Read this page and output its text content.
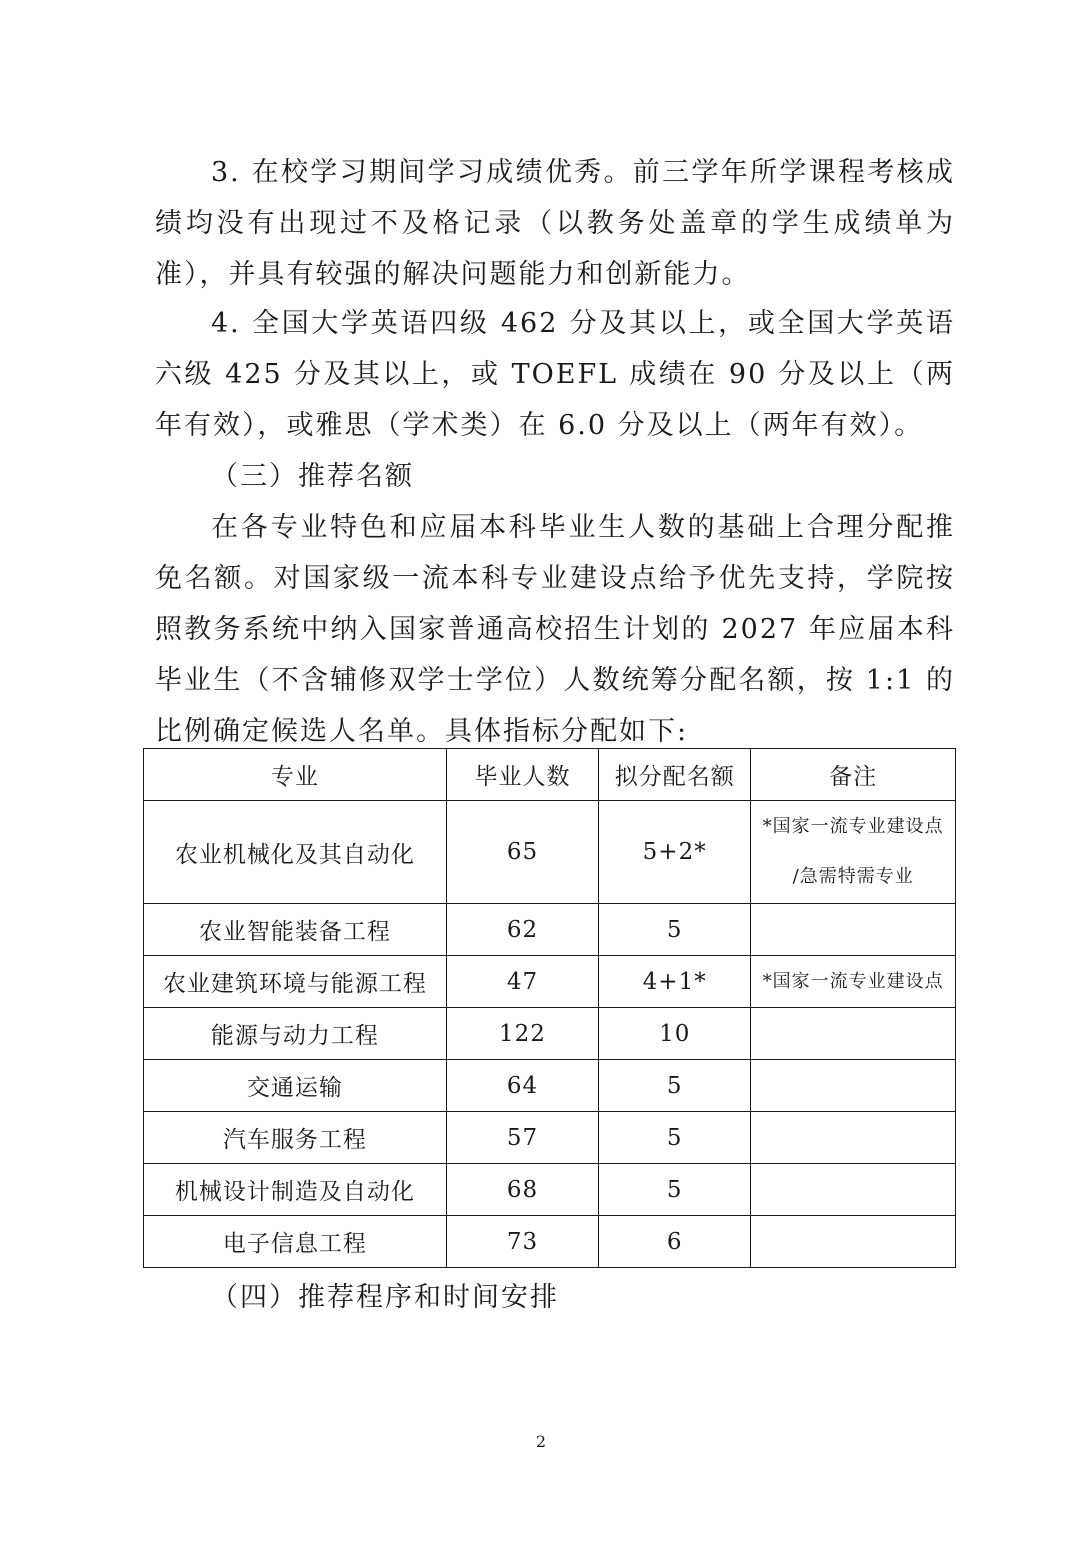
3. 在校学习期间学习成绩优秀。前三学年所学课程考核成绩均没有出现过不及格记录（以教务处盖章的学生成绩单为准），并具有较强的解决问题能力和创新能力。

4. 全国大学英语四级 462 分及其以上，或全国大学英语六级 425 分及其以上，或 TOEFL 成绩在 90 分及以上（两年有效），或雅思（学术类）在 6.0 分及以上（两年有效）。

（三）推荐名额

在各专业特色和应届本科毕业生人数的基础上合理分配推免名额。对国家级一流本科专业建设点给予优先支持，学院按照教务系统中纳入国家普通高校招生计划的 2027 年应届本科毕业生（不含辅修双学士学位）人数统筹分配名额，按 1:1 的比例确定候选人名单。具体指标分配如下:

专业	毕业人数	拟分配名额	备注
农业机械化及其自动化	65	5+2*	*国家一流专业建设点
/急需特需专业

农业智能装备工程	62	5	
农业建筑环境与能源工程	47	4+1*	*国家一流专业建设点
能源与动力工程	122	10	
交通运输	64	5	
汽车服务工程	57	5	
机械设计制造及自动化	68	5	
电子信息工程	73	6	

（四）推荐程序和时间安排

2
